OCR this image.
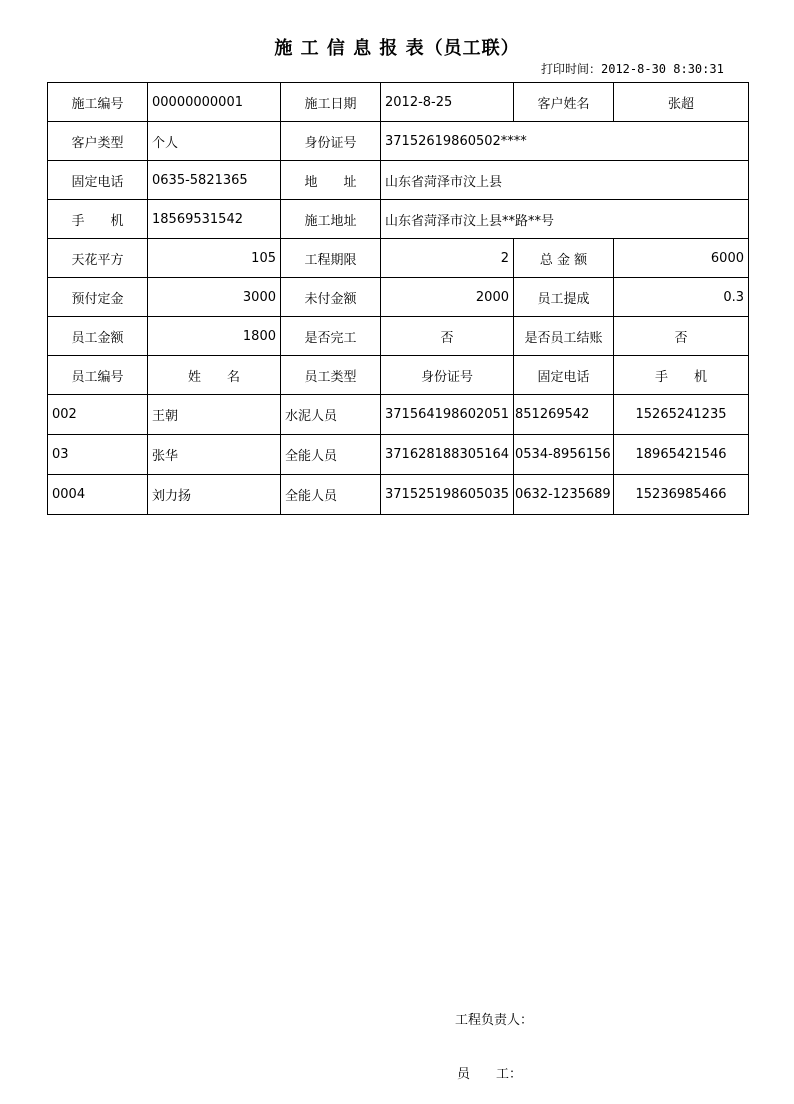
施 工 信 息 报 表（员工联）
打印时间：2012-8-30 8:30:31
施工编号	00000000001	施工日期	2012-8-25	客户姓名	张超
客户类型	个人	身份证号	371526198605​02****		
固定电话	0635-5821365	地　　址	山东省菏泽市汶上县		
手　　机	18569531542	施工地址	山东省菏泽市汶上县**路**号		
天花平方	105	工程期限	2	总 金 额	6000
预付定金	3000	未付金额	2000	员工提成	0.3
员工金额	1800	是否完工	否	是否员工结账	否
员工编号	姓　　名	员工类型	身份证号	固定电话	手　　机
002	王朝	水泥人员	371564198602051	851269542	15265241235
03	张华	全能人员	371628188305164	0534-8956156	18965421546
0004	刘力扬	全能人员	371525198605035	0632-1235689	15236985466
工程负责人：
员　　工：
